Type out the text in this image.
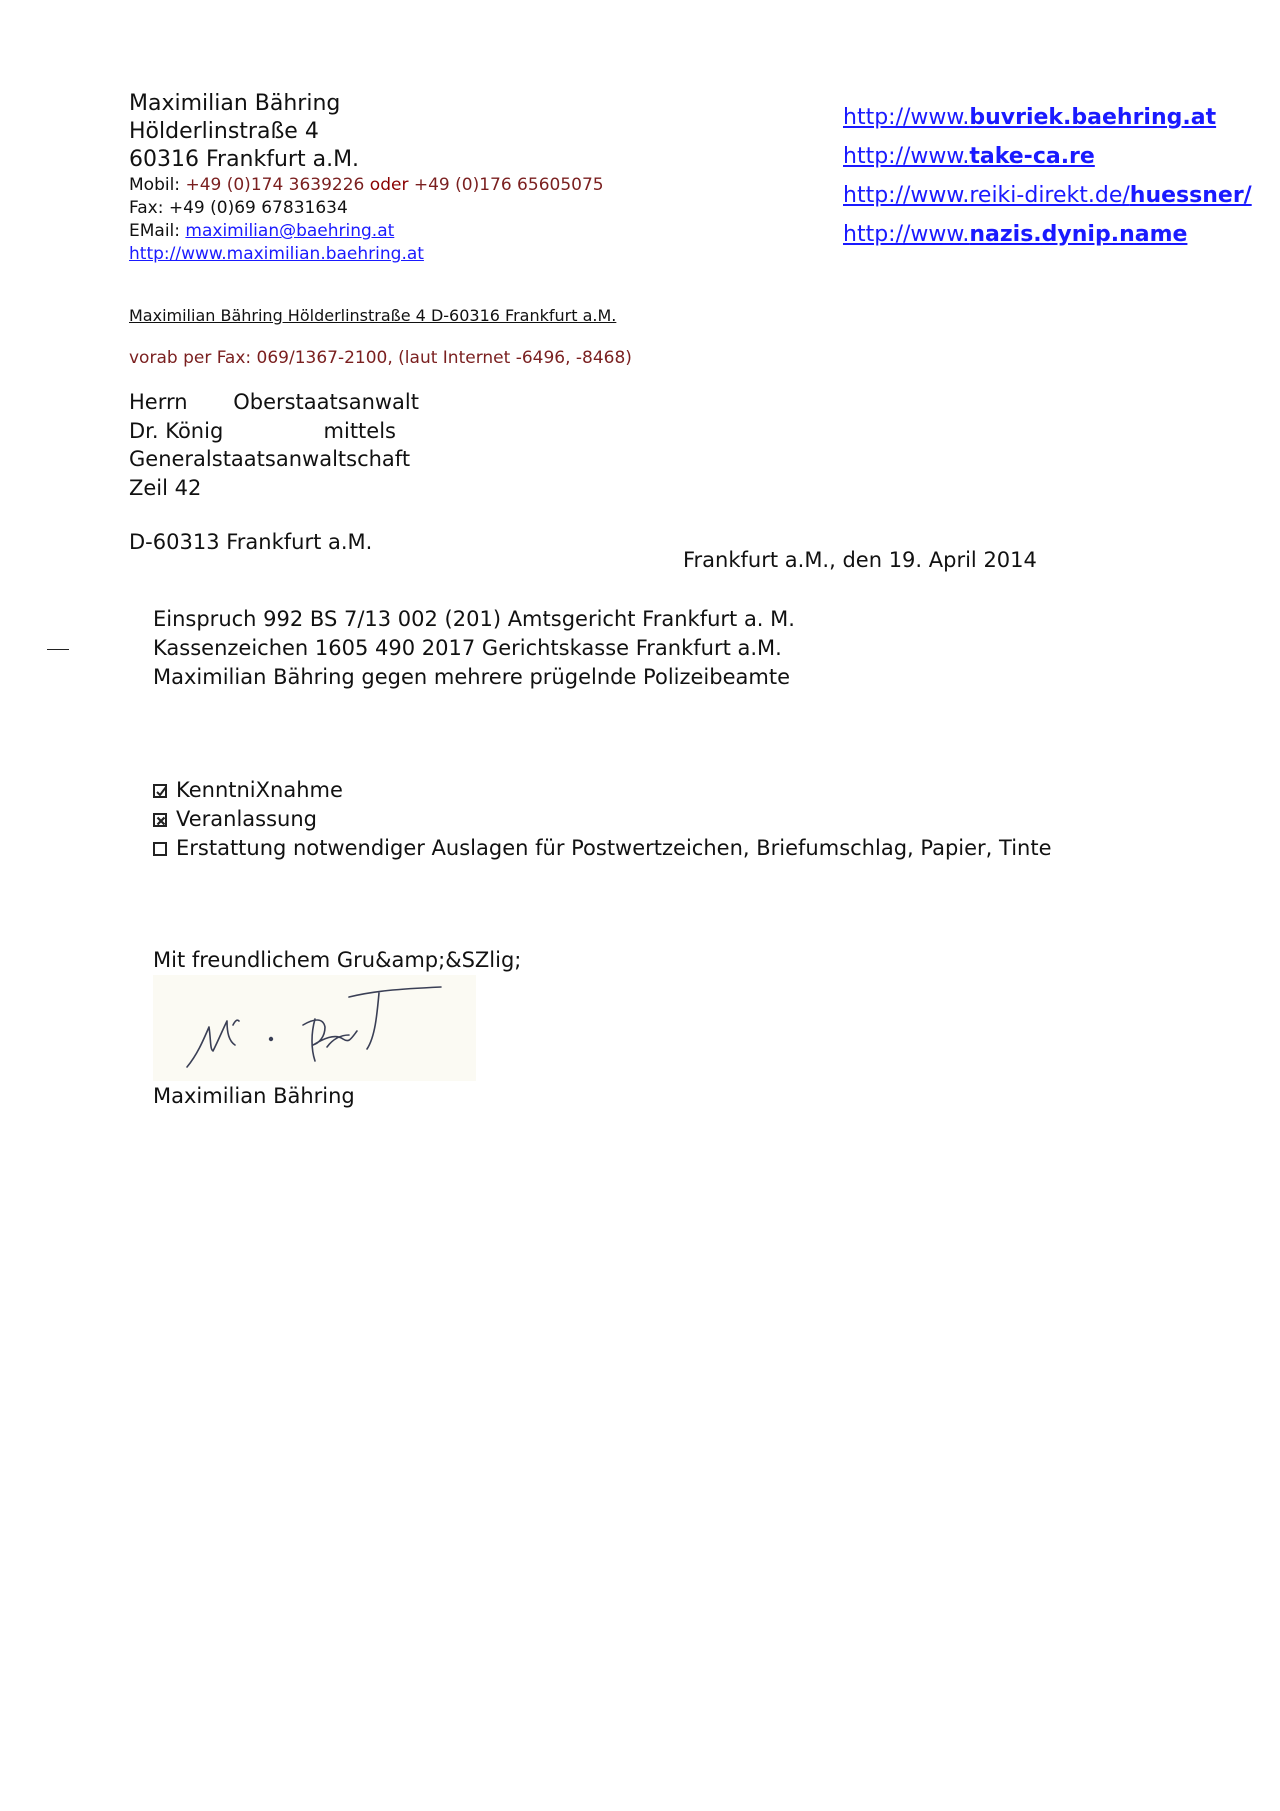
Maximilian Bähring
Hölderlinstraße 4
60316 Frankfurt a.M.
Mobil: +49 (0)174 3639226 oder +49 (0)176 65605075
Fax: +49 (0)69 67831634
EMail: maximilian@baehring.at
http://www.maximilian.baehring.at
http://www.buvriek.baehring.at
http://www.take-ca.re
http://www.reiki-direkt.de/huessner/
http://www.nazis.dynip.name
Maximilian Bähring Hölderlinstraße 4 D-60316 Frankfurt a.M.
vorab per Fax: 069/1367-2100, (laut Internet -6496, -8468)
Herrn Oberstaatsanwalt
Dr. König	mittels
Generalstaatsanwaltschaft
Zeil 42
D-60313 Frankfurt a.M.
Frankfurt a.M., den 19. April 2014
Einspruch 992 BS 7/13 002 (201) Amtsgericht Frankfurt a. M.
Kassenzeichen 1605 490 2017 Gerichtskasse Frankfurt a.M.
Maximilian Bähring gegen mehrere prügelnde Polizeibeamte
KenntniXnahme
Veranlassung
Erstattung notwendiger Auslagen für Postwertzeichen, Briefumschlag, Papier, Tinte
Mit freundlichem Gru&amp;&SZlig;
Maximilian Bähring
